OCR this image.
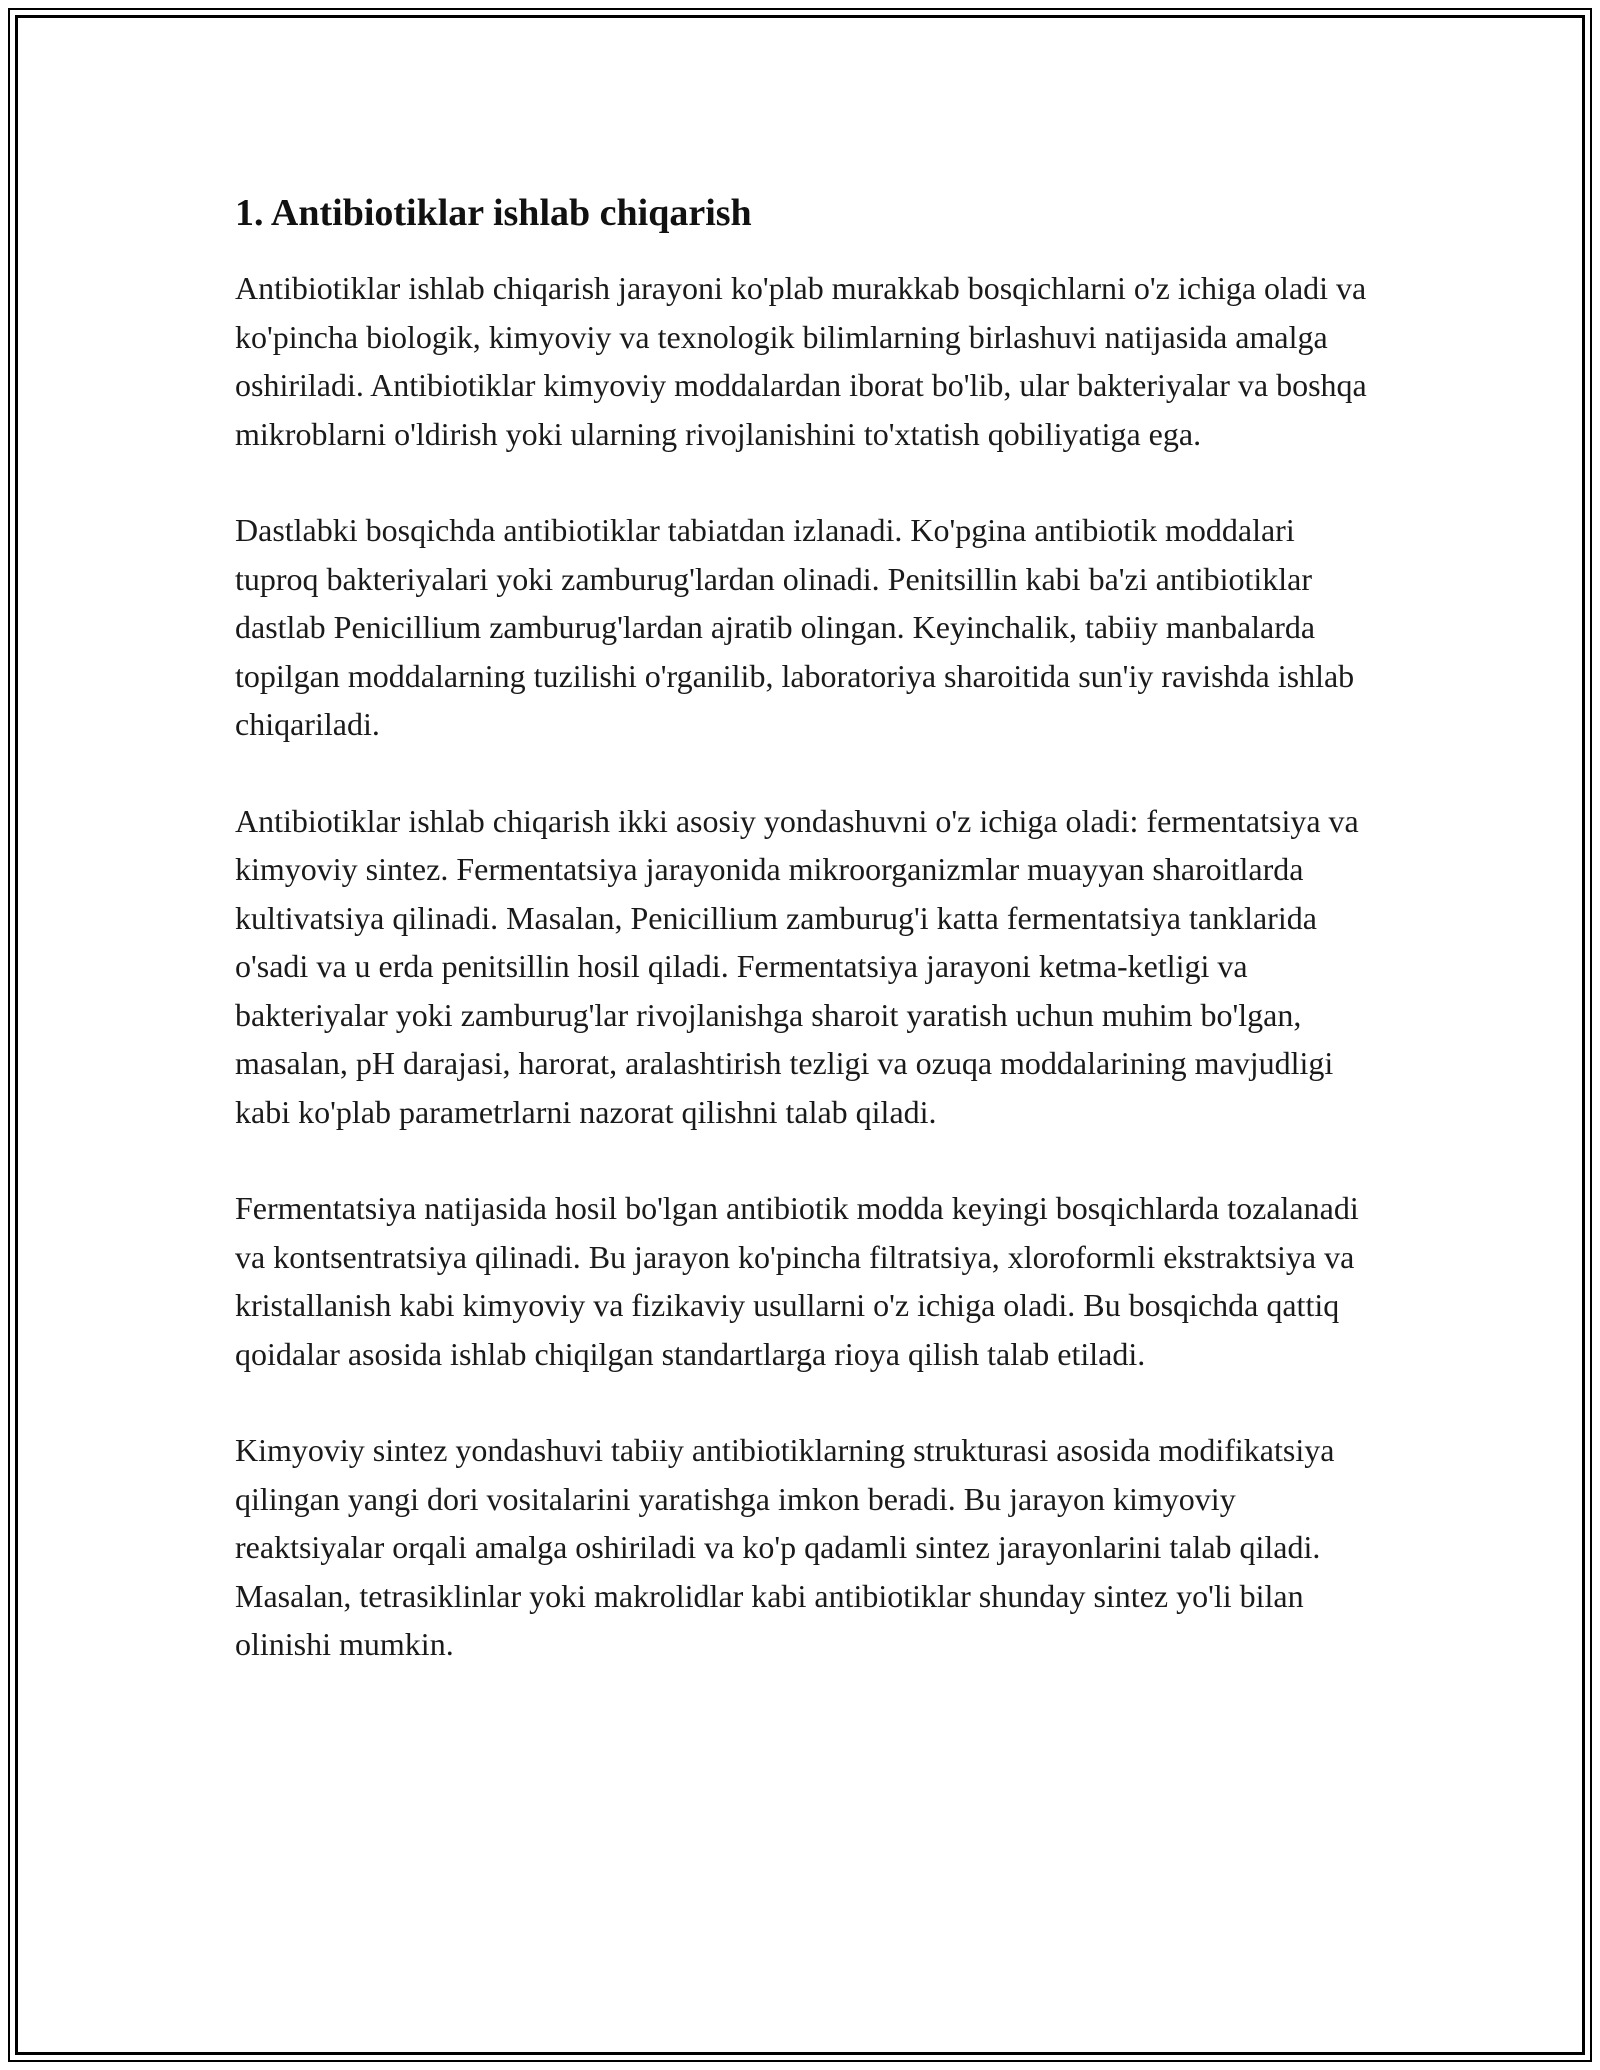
1. Antibiotiklar ishlab chiqarish

Antibiotiklar ishlab chiqarish jarayoni ko'plab murakkab bosqichlarni o'z ichiga oladi va ko'pincha biologik, kimyoviy va texnologik bilimlarning birlashuvi natijasida amalga oshiriladi. Antibiotiklar kimyoviy moddalardan iborat bo'lib, ular bakteriyalar va boshqa mikroblarni o'ldirish yoki ularning rivojlanishini to'xtatish qobiliyatiga ega.

Dastlabki bosqichda antibiotiklar tabiatdan izlanadi. Ko'pgina antibiotik moddalari tuproq bakteriyalari yoki zamburug'lardan olinadi. Penitsillin kabi ba'zi antibiotiklar dastlab Penicillium zamburug'lardan ajratib olingan. Keyinchalik, tabiiy manbalarda topilgan moddalarning tuzilishi o'rganilib, laboratoriya sharoitida sun'iy ravishda ishlab chiqariladi.

Antibiotiklar ishlab chiqarish ikki asosiy yondashuvni o'z ichiga oladi: fermentatsiya va kimyoviy sintez. Fermentatsiya jarayonida mikroorganizmlar muayyan sharoitlarda kultivatsiya qilinadi. Masalan, Penicillium zamburug'i katta fermentatsiya tanklarida o'sadi va u erda penitsillin hosil qiladi. Fermentatsiya jarayoni ketma-ketligi va bakteriyalar yoki zamburug'lar rivojlanishga sharoit yaratish uchun muhim bo'lgan, masalan, pH darajasi, harorat, aralashtirish tezligi va ozuqa moddalarining mavjudligi kabi ko'plab parametrlarni nazorat qilishni talab qiladi.

Fermentatsiya natijasida hosil bo'lgan antibiotik modda keyingi bosqichlarda tozalanadi va kontsentratsiya qilinadi. Bu jarayon ko'pincha filtratsiya, xloroformli ekstraktsiya va kristallanish kabi kimyoviy va fizikaviy usullarni o'z ichiga oladi. Bu bosqichda qattiq qoidalar asosida ishlab chiqilgan standartlarga rioya qilish talab etiladi.

Kimyoviy sintez yondashuvi tabiiy antibiotiklarning strukturasi asosida modifikatsiya qilingan yangi dori vositalarini yaratishga imkon beradi. Bu jarayon kimyoviy reaktsiyalar orqali amalga oshiriladi va ko'p qadamli sintez jarayonlarini talab qiladi. Masalan, tetrasiklinlar yoki makrolidlar kabi antibiotiklar shunday sintez yo'li bilan olinishi mumkin.
